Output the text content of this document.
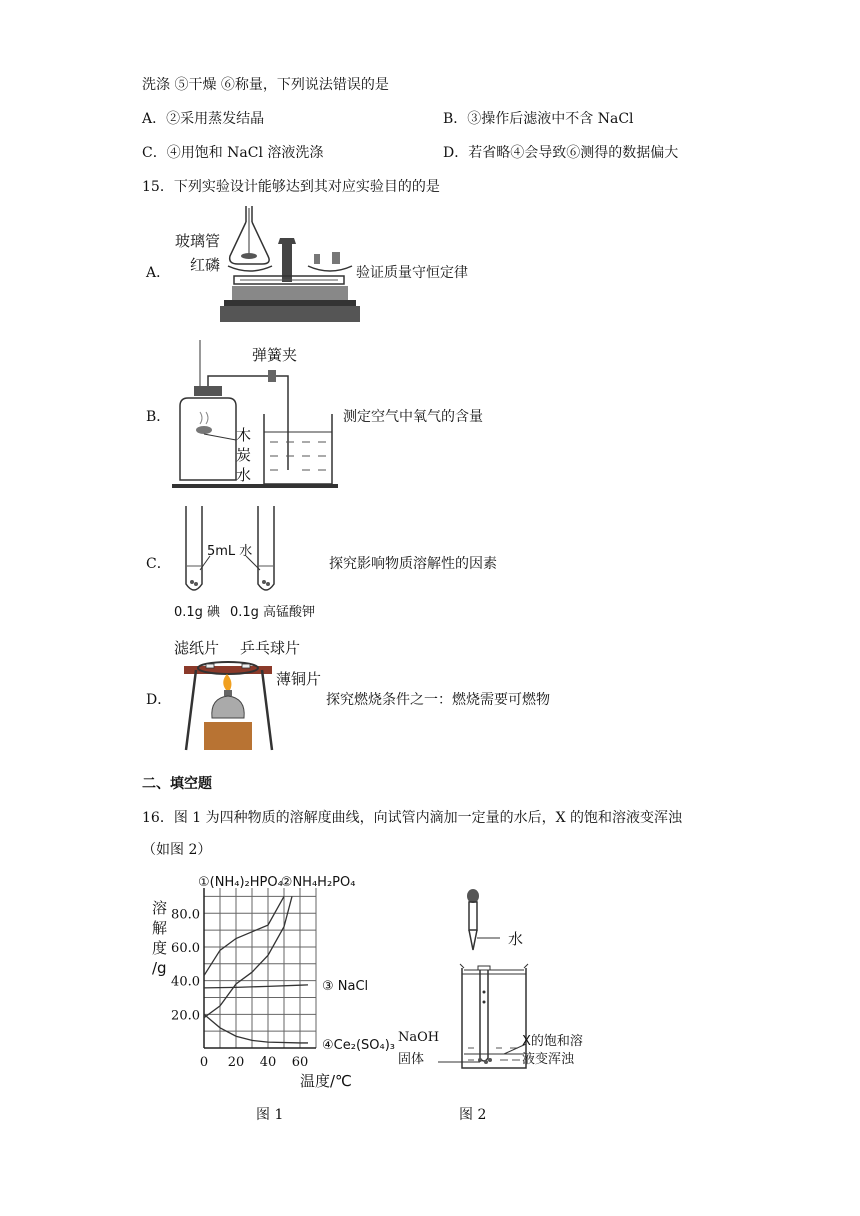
洗涤 ⑤干燥 ⑥称量，下列说法错误的是
A．②采用蒸发结晶	B．③操作后滤液中不含 NaCl
C．④用饱和 NaCl 溶液洗涤	D．若省略④会导致⑥测得的数据偏大
15．下列实验设计能够达到其对应实验目的的是
A．
玻璃管
红磷	验证质量守恒定律
B．
弹簧夹
木
炭
水
测定空气中氧气的含量
C．
5mL 水
0.1g 碘 0.1g 高锰酸钾
探究影响物质溶解性的因素
D．
滤纸片 乒乓球片
薄铜片
探究燃烧条件之一：燃烧需要可燃物
二、填空题
16．图 1 为四种物质的溶解度曲线，向试管内滴加一定量的水后，X 的饱和溶液变浑浊
（如图 2）
溶
解
度
/g
0 20 40 60
20.0
40.0
60.0
80.0
①(NH₄)₂HPO₄
②NH₄H₂PO₄
③ NaCl
④Ce₂(SO₄)₃
温度/℃
图 1
水
NaOH
固体
X的饱和溶
液变浑浊
图 2
